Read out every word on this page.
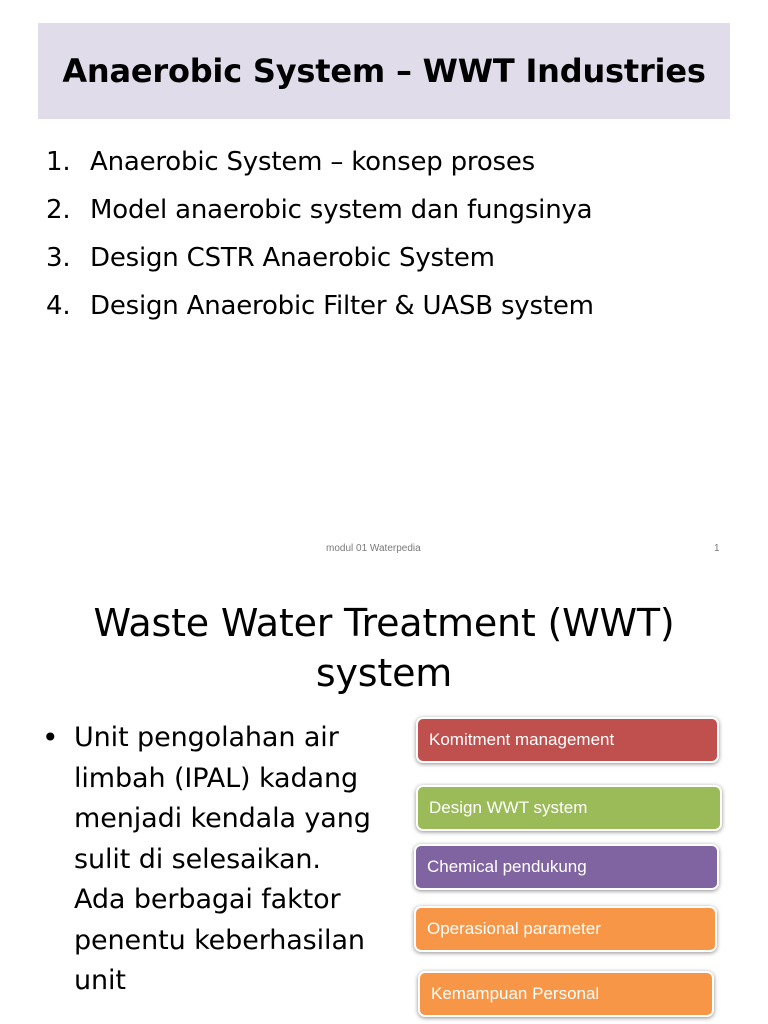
Anaerobic System – WWT Industries
1. Anaerobic System – konsep proses
2. Model anaerobic system dan fungsinya
3. Design CSTR Anaerobic System
4. Design Anaerobic Filter & UASB system
modul 01 Waterpedia	1
Waste Water Treatment (WWT)
system
• Unit pengolahan air limbah (IPAL) kadang menjadi kendala yang sulit di selesaikan. Ada berbagai faktor penentu keberhasilan unit
Komitment management
Design WWT system
Chemical pendukung
Operasional parameter
Kemampuan Personal
